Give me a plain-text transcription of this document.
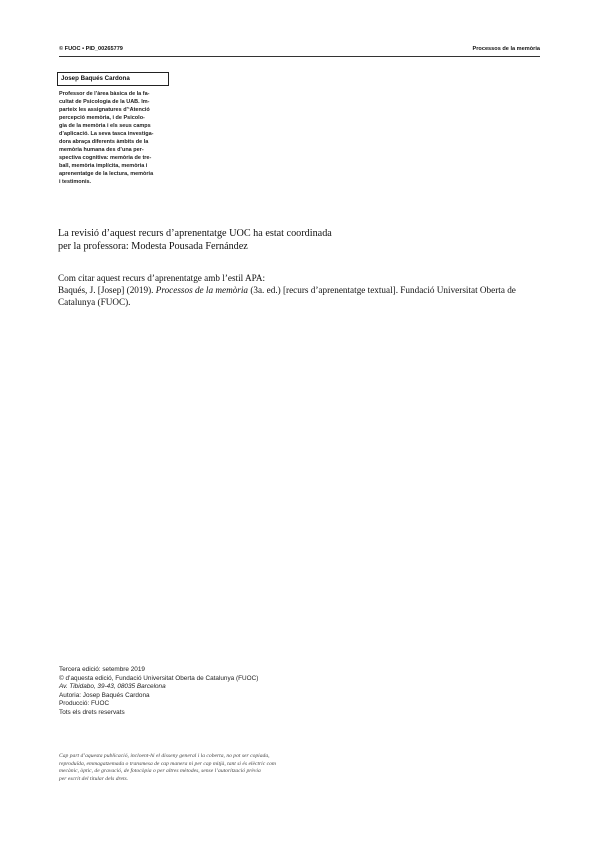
© FUOC • PID_00265779	Processos de la memòria
Josep Baqués Cardona
Professor de l’àrea bàsica de la fa-
cultat de Psicologia de la UAB. Im-
parteix les assignatures d’‘Atenció
percepció memòria, i de Psicolo-
gia de la memòria i els seus camps
d’aplicació. La seva tasca investiga-
dora abraça diferents àmbits de la
memòria humana des d’una per-
spectiva cognitiva: memòria de tre-
ball, memòria implícita, memòria i
aprenentatge de la lectura, memòria
i testimonis.
La revisió d’aquest recurs d’aprenentatge UOC ha estat coordinada
per la professora: Modesta Pousada Fernández

Com citar aquest recurs d’aprenentatge amb l’estil APA:

Baqués, J. [Josep] (2019). Processos de la memòria (3a. ed.) [recurs d’aprenentatge textual]. Fundació Universitat Oberta de Catalunya (FUOC).

Tercera edició: setembre 2019
© d’aquesta edició, Fundació Universitat Oberta de Catalunya (FUOC)
Av. Tibidabo, 39-43, 08035 Barcelona
Autoria: Josep Baqués Cardona
Producció: FUOC
Tots els drets reservats
Cap part d’aquesta publicació, incloent-hi el disseny general i la coberta, no pot ser copiada,
reproduïda, emmagatzemada o transmesa de cap manera ni per cap mitjà, tant si és elèctric com
mecànic, òptic, de gravació, de fotocòpia o per altres mètodes, sense l’autorització prèvia
per escrit del titular dels drets.
